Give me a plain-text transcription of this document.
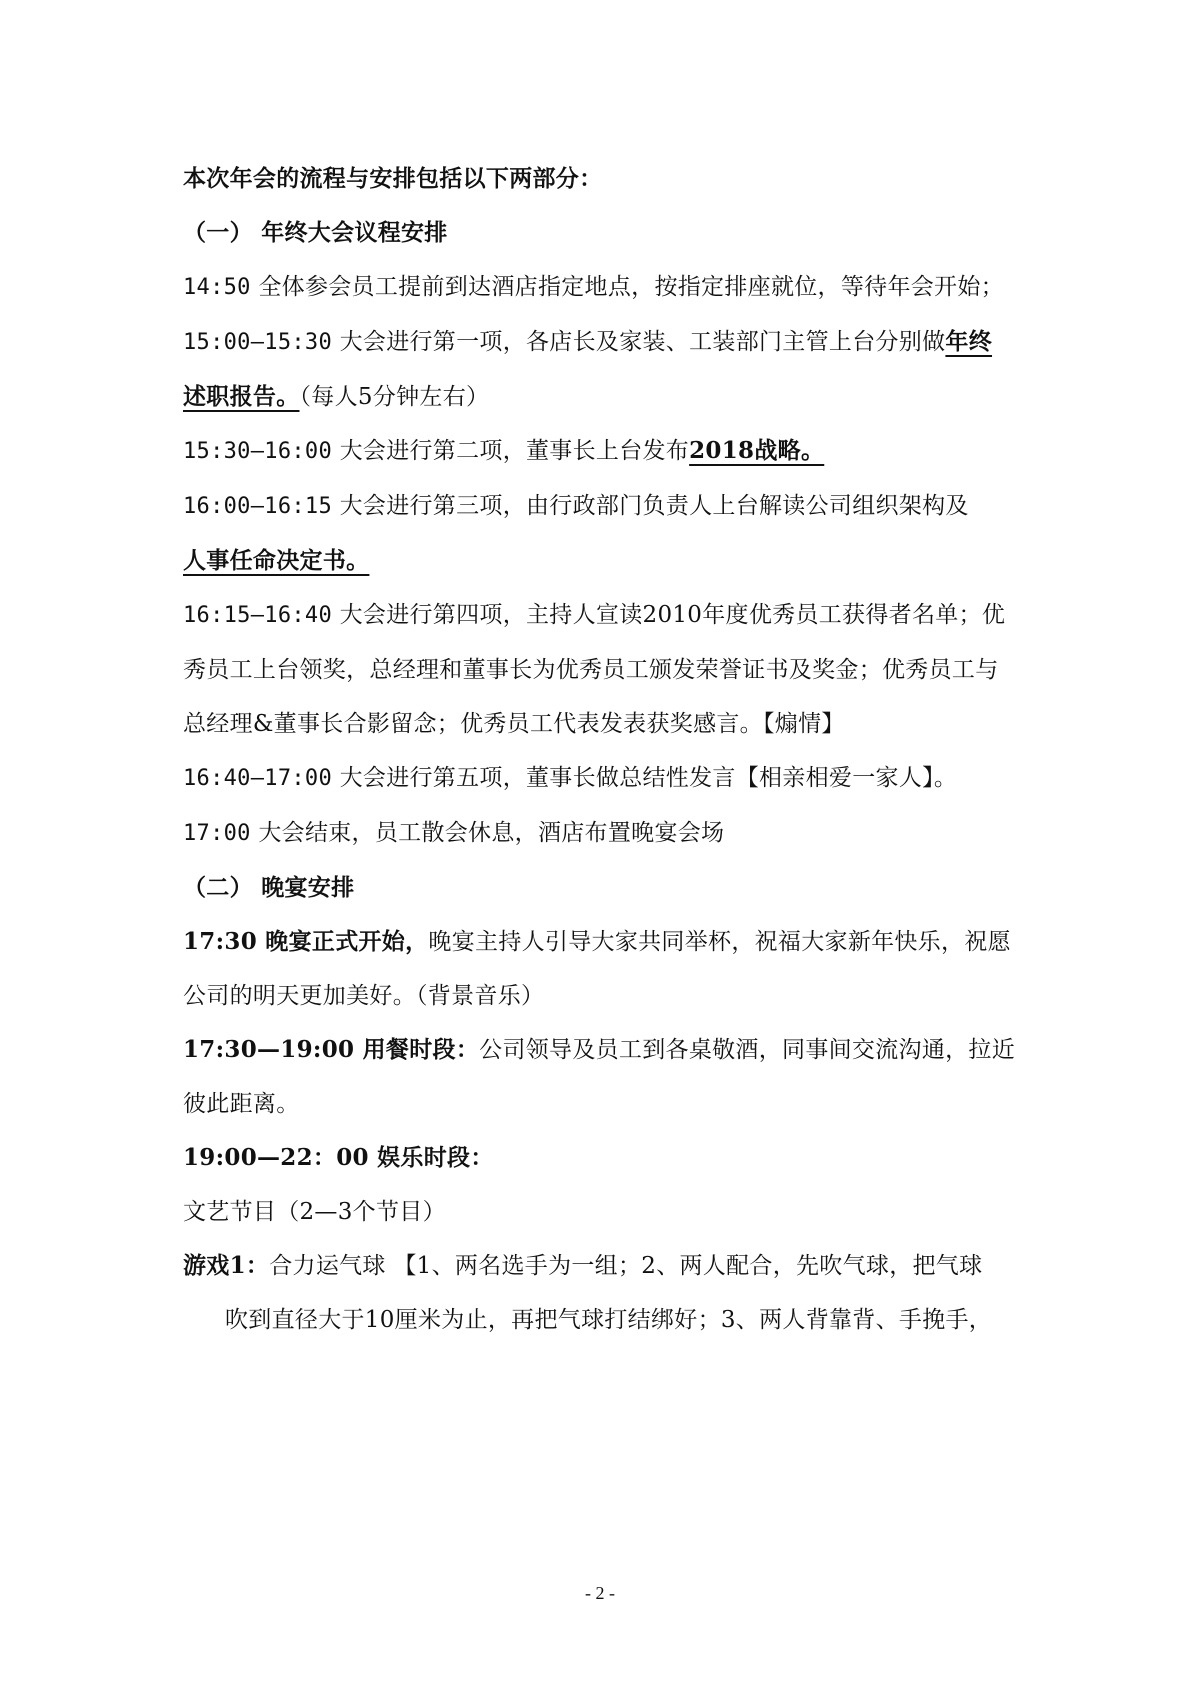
本次年会的流程与安排包括以下两部分：
（一） 年终大会议程安排
14:50 全体参会员工提前到达酒店指定地点，按指定排座就位，等待年会开始；
15:00—15:30 大会进行第一项，各店长及家装、工装部门主管上台分别做年终
述职报告。（每人5分钟左右）
15:30—16:00 大会进行第二项，董事长上台发布2018战略。
16:00—16:15 大会进行第三项，由行政部门负责人上台解读公司组织架构及
人事任命决定书。
16:15—16:40 大会进行第四项，主持人宣读2010年度优秀员工获得者名单；优
秀员工上台领奖，总经理和董事长为优秀员工颁发荣誉证书及奖金；优秀员工与
总经理&董事长合影留念；优秀员工代表发表获奖感言。【煽情】
16:40—17:00 大会进行第五项，董事长做总结性发言【相亲相爱一家人】。
17:00 大会结束，员工散会休息，酒店布置晚宴会场
（二） 晚宴安排
17:30 晚宴正式开始，晚宴主持人引导大家共同举杯，祝福大家新年快乐，祝愿
公司的明天更加美好。（背景音乐）
17:30—19:00 用餐时段：公司领导及员工到各桌敬酒，同事间交流沟通，拉近
彼此距离。
19:00—22：00 娱乐时段：
文艺节目（2—3个节目）
游戏1：合力运气球 【1、两名选手为一组；2、两人配合，先吹气球，把气球
吹到直径大于10厘米为止，再把气球打结绑好；3、两人背靠背、手挽手，
- 2 -
